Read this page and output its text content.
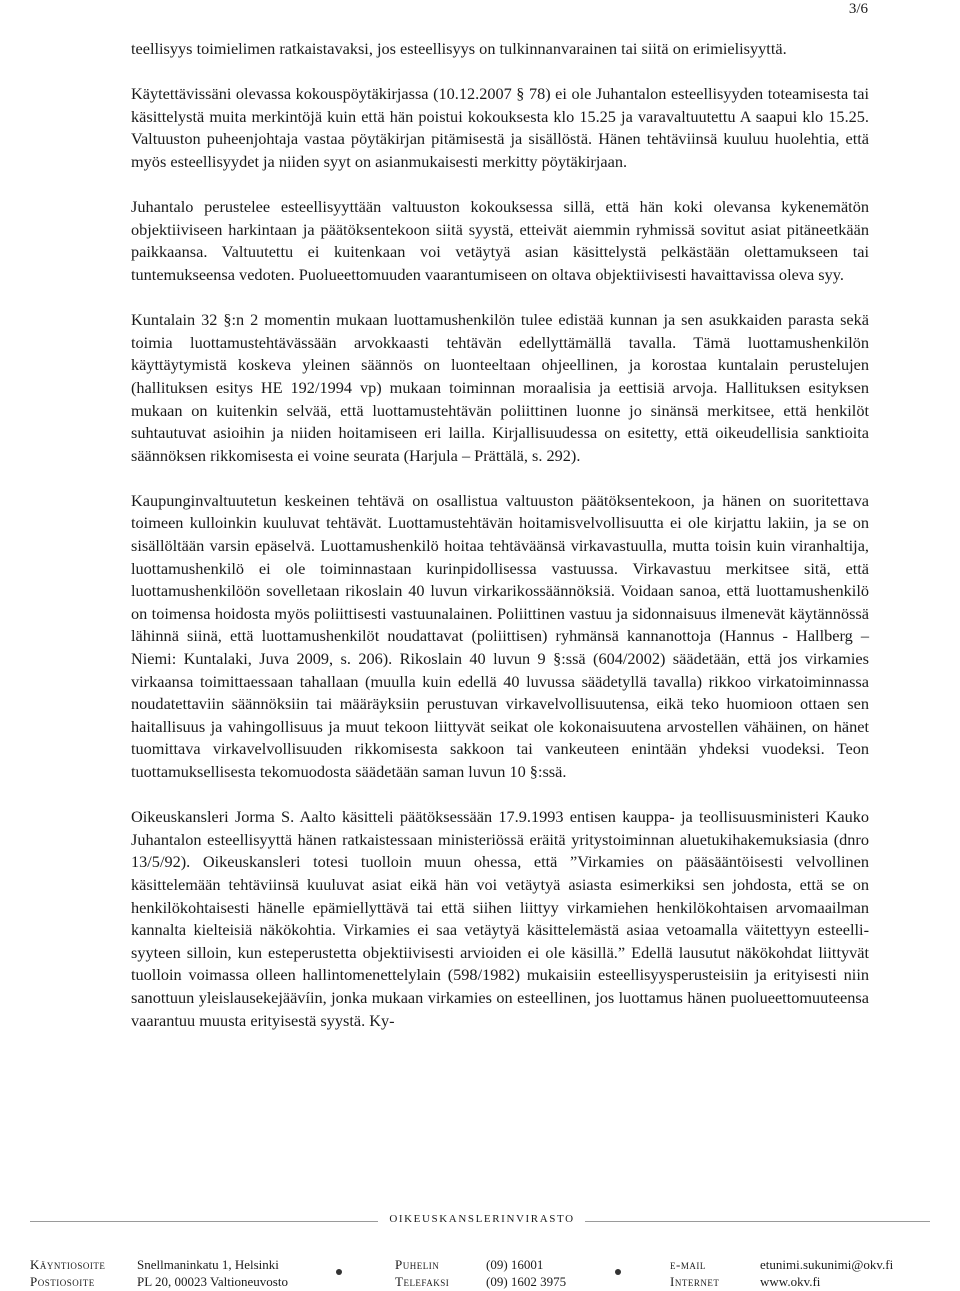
3/6

teellisyys toimielimen ratkaistavaksi, jos esteellisyys on tulkinnanvarainen tai siitä on erimielisyyttä.

Käytettävissäni olevassa kokouspöytäkirjassa (10.12.2007 § 78) ei ole Juhantalon esteellisyyden toteamisesta tai käsittelystä muita merkintöjä kuin että hän poistui kokouksesta klo 15.25 ja varavaltuutettu A saapui klo 15.25. Valtuuston puheenjohtaja vastaa pöytäkirjan pitämisestä ja sisällöstä. Hänen tehtäviinsä kuuluu huolehtia, että myös esteellisyydet ja niiden syyt on asianmukaisesti merkitty pöytäkirjaan.

Juhantalo perustelee esteellisyyttään valtuuston kokouksessa sillä, että hän koki olevansa kykenemätön objektiiviseen harkintaan ja päätöksentekoon siitä syystä, etteivät aiemmin ryhmissä sovitut asiat pitäneetkään paikkaansa. Valtuutettu ei kuitenkaan voi vetäytyä asian käsittelystä pelkästään olettamukseen tai tuntemukseensa vedoten. Puolueettomuuden vaarantumiseen on oltava objektiivisesti havaittavissa oleva syy.

Kuntalain 32 §:n 2 momentin mukaan luottamushenkilön tulee edistää kunnan ja sen asukkaiden parasta sekä toimia luottamustehtävässään arvokkaasti tehtävän edellyttämällä tavalla. Tämä luottamushenkilön käyttäytymistä koskeva yleinen säännös on luonteeltaan ohjeellinen, ja korostaa kuntalain perustelujen (hallituksen esitys HE 192/1994 vp) mukaan toiminnan moraalisia ja eettisiä arvoja. Hallituksen esityksen mukaan on kuitenkin selvää, että luottamustehtävän poliittinen luonne jo sinänsä merkitsee, että henkilöt suhtautuvat asioihin ja niiden hoitamiseen eri lailla. Kirjallisuudessa on esitetty, että oikeudellisia sanktioita säännöksen rikkomisesta ei voine seurata (Harjula – Prättälä, s. 292).

Kaupunginvaltuutetun keskeinen tehtävä on osallistua valtuuston päätöksentekoon, ja hänen on suoritettava toimeen kulloinkin kuuluvat tehtävät. Luottamustehtävän hoitamisvelvollisuutta ei ole kirjattu lakiin, ja se on sisällöltään varsin epäselvä. Luottamushenkilö hoitaa tehtäväänsä virkavastuulla, mutta toisin kuin viranhaltija, luottamushenkilö ei ole toiminnastaan kurinpidollisessa vastuussa. Virkavastuu merkitsee sitä, että luottamushenkilöön sovelletaan rikoslain 40 luvun virkarikossäännöksiä. Voidaan sanoa, että luottamushenkilö on toimensa hoidosta myös poliittisesti vastuunalainen. Poliittinen vastuu ja sidonnaisuus ilmenevät käytännössä lähinnä siinä, että luottamushenkilöt noudattavat (poliittisen) ryhmänsä kannanottoja (Hannus - Hallberg – Niemi: Kuntalaki, Juva 2009, s. 206). Rikoslain 40 luvun 9 §:ssä (604/2002) säädetään, että jos virkamies virkaansa toimittaessaan tahallaan (muulla kuin edellä 40 luvussa säädetyllä tavalla) rikkoo virkatoiminnassa noudatettaviin säännöksiin tai määräyksiin perustuvan virkavelvollisuutensa, eikä teko huomioon ottaen sen haitallisuus ja vahingollisuus ja muut tekoon liittyvät seikat ole kokonaisuutena arvostellen vähäinen, on hänet tuomittava virkavelvollisuuden rikkomisesta sakkoon tai vankeuteen enintään yhdeksi vuodeksi. Teon tuottamuksellisesta tekomuodosta säädetään saman luvun 10 §:ssä.

Oikeuskansleri Jorma S. Aalto käsitteli päätöksessään 17.9.1993 entisen kauppa- ja teollisuusministeri Kauko Juhantalon esteellisyyttä hänen ratkaistessaan ministeriössä eräitä yritystoiminnan aluetukihakemuksiasia (dnro 13/5/92). Oikeuskansleri totesi tuolloin muun ohessa, että ”Virkamies on pääsääntöisesti velvollinen käsittelemään tehtäviinsä kuuluvat asiat eikä hän voi vetäytyä asiasta esimerkiksi sen johdosta, että se on henkilökohtaisesti hänelle epämiellyttävä tai että siihen liittyy virkamiehen henkilökohtaisen arvomaailman kannalta kielteisiä näkökohtia. Virkamies ei saa vetäytyä käsittelemästä asiaa vetoamalla väitettyyn esteellisyyteen silloin, kun esteperustetta objektiivisesti arvioiden ei ole käsillä.” Edellä lausutut näkökohdat liittyvät tuolloin voimassa olleen hallintomenettelylain (598/1982) mukaisiin esteellisyysperusteisiin ja erityisesti niin sanottuun yleislausekejäävíin, jonka mukaan virkamies on esteellinen, jos luottamus hänen puolueettomuuteensa vaarantuu muusta erityisestä syystä. Ky-

OIKEUSKANSLERINVIRASTO
Käyntiosoite Snellmaninkatu 1, Helsinki	Puhelin	(09) 16001	e-mail	etunimi.sukunimi@okv.fi
Postiosoite	PL 20, 00023 Valtioneuvosto	Telefaksi	(09) 1602 3975	Internet	www.okv.fi
